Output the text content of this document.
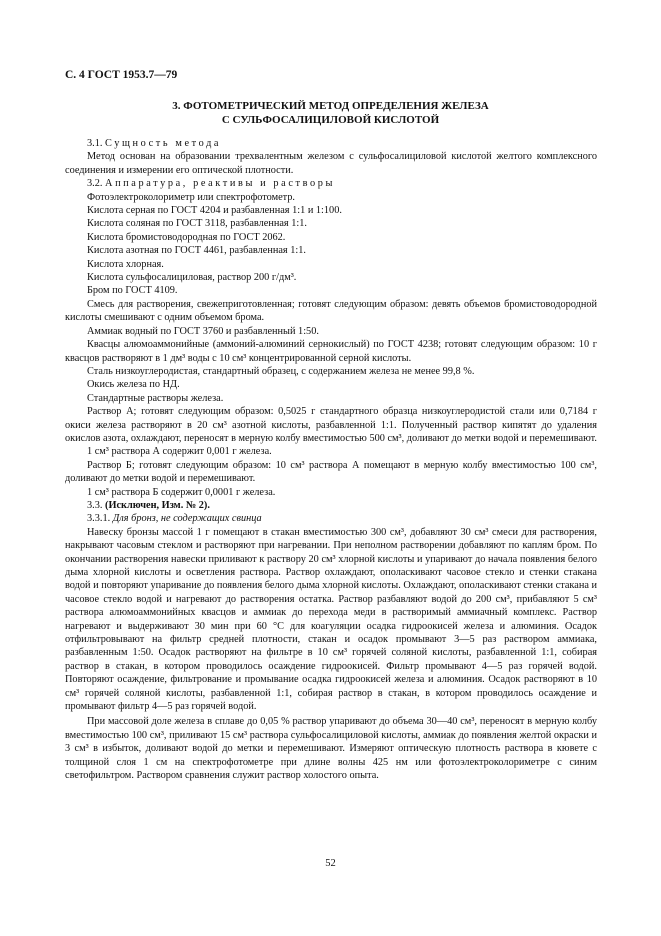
С. 4 ГОСТ 1953.7—79
3. ФОТОМЕТРИЧЕСКИЙ МЕТОД ОПРЕДЕЛЕНИЯ ЖЕЛЕЗА
С СУЛЬФОСАЛИЦИЛОВОЙ КИСЛОТОЙ

3.1. Сущность метода

Метод основан на образовании трехвалентным железом с сульфосалициловой кислотой желтого комплексного соединения и измерении его оптической плотности.

3.2. Аппаратура, реактивы и растворы

Фотоэлектроколориметр или спектрофотометр.

Кислота серная по ГОСТ 4204 и разбавленная 1:1 и 1:100.

Кислота соляная по ГОСТ 3118, разбавленная 1:1.

Кислота бромистоводородная по ГОСТ 2062.

Кислота азотная по ГОСТ 4461, разбавленная 1:1.

Кислота хлорная.

Кислота сульфосалициловая, раствор 200 г/дм³.

Бром по ГОСТ 4109.

Смесь для растворения, свежеприготовленная; готовят следующим образом: девять объемов бромистоводородной кислоты смешивают с одним объемом брома.

Аммиак водный по ГОСТ 3760 и разбавленный 1:50.

Квасцы алюмоаммонийные (аммоний-алюминий сернокислый) по ГОСТ 4238; готовят следующим образом: 10 г квасцов растворяют в 1 дм³ воды с 10 см³ концентрированной серной кислоты.

Сталь низкоуглеродистая, стандартный образец, с содержанием железа не менее 99,8 %.

Окись железа по НД.

Стандартные растворы железа.

Раствор А; готовят следующим образом: 0,5025 г стандартного образца низкоуглеродистой стали или 0,7184 г окиси железа растворяют в 20 см³ азотной кислоты, разбавленной 1:1. Полученный раствор кипятят до удаления окислов азота, охлаждают, переносят в мерную колбу вместимостью 500 см³, доливают до метки водой и перемешивают.

1 см³ раствора А содержит 0,001 г железа.

Раствор Б; готовят следующим образом: 10 см³ раствора А помещают в мерную колбу вместимостью 100 см³, доливают до метки водой и перемешивают.

1 см³ раствора Б содержит 0,0001 г железа.

3.3. (Исключен, Изм. № 2).

3.3.1. Для бронз, не содержащих свинца

Навеску бронзы массой 1 г помещают в стакан вместимостью 300 см³, добавляют 30 см³ смеси для растворения, накрывают часовым стеклом и растворяют при нагревании. При неполном растворении добавляют по каплям бром. По окончании растворения навески приливают к раствору 20 см³ хлорной кислоты и упаривают до начала появления белого дыма хлорной кислоты и осветления раствора. Раствор охлаждают, ополаскивают часовое стекло и стенки стакана водой и повторяют упаривание до появления белого дыма хлорной кислоты. Охлаждают, ополаскивают стенки стакана и часовое стекло водой и нагревают до растворения остатка. Раствор разбавляют водой до 200 см³, прибавляют 5 см³ раствора алюмоаммонийных квасцов и аммиак до перехода меди в растворимый аммиачный комплекс. Раствор нагревают и выдерживают 30 мин при 60 °С для коагуляции осадка гидроокисей железа и алюминия. Осадок отфильтровывают на фильтр средней плотности, стакан и осадок промывают 3—5 раз раствором аммиака, разбавленным 1:50. Осадок растворяют на фильтре в 10 см³ горячей соляной кислоты, разбавленной 1:1, собирая раствор в стакан, в котором проводилось осаждение гидроокисей. Фильтр промывают 4—5 раз горячей водой. Повторяют осаждение, фильтрование и промывание осадка гидроокисей железа и алюминия. Осадок растворяют в 10 см³ горячей соляной кислоты, разбавленной 1:1, собирая раствор в стакан, в котором проводилось осаждение и промывают фильтр 4—5 раз горячей водой.

При массовой доле железа в сплаве до 0,05 % раствор упаривают до объема 30—40 см³, переносят в мерную колбу вместимостью 100 см³, приливают 15 см³ раствора сульфосалициловой кислоты, аммиак до появления желтой окраски и 3 см³ в избыток, доливают водой до метки и перемешивают. Измеряют оптическую плотность раствора в кювете с толщиной слоя 1 см на спектрофотометре при длине волны 425 нм или фотоэлектроколориметре с синим светофильтром. Раствором сравнения служит раствор холостого опыта.

52
